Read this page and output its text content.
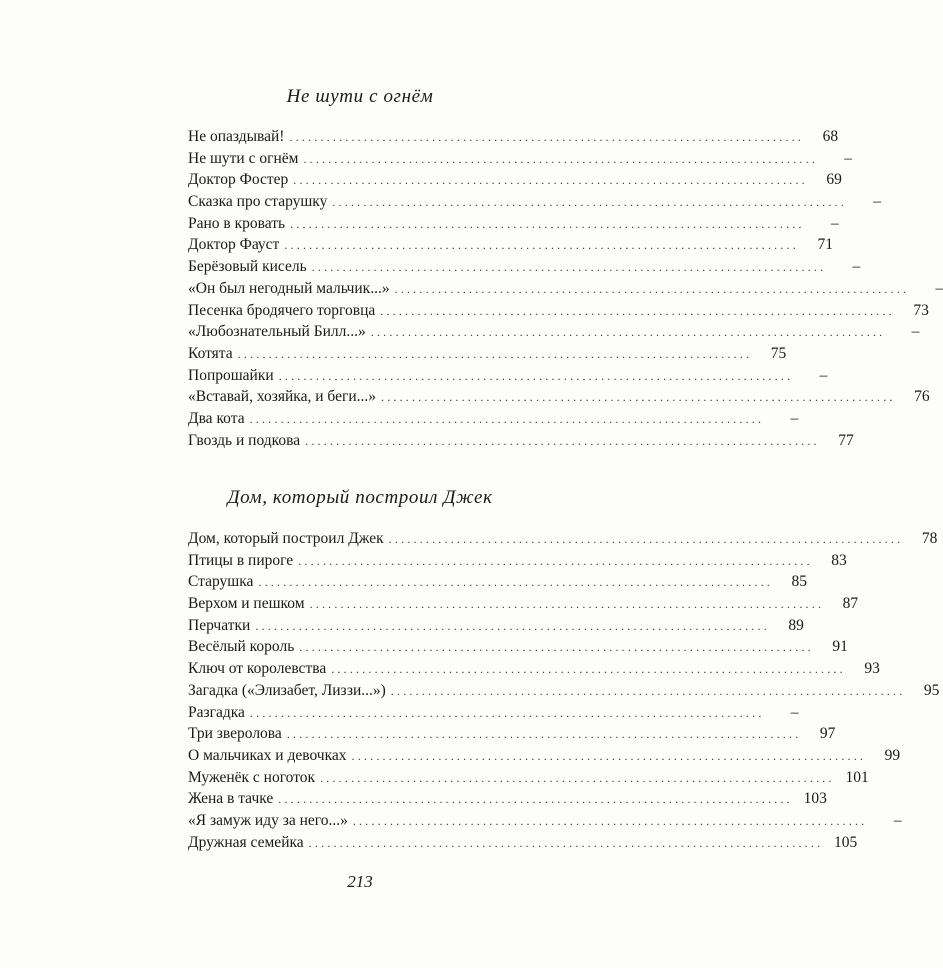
Не шути с огнём
Не опаздывай! ...................................................................................	68
Не шути с огнём ...................................................................................	–
Доктор Фостер ...................................................................................	69
Сказка про старушку ...................................................................................	–
Рано в кровать ...................................................................................	–
Доктор Фауст ...................................................................................	71
Берёзовый кисель ...................................................................................	–
«Он был негодный мальчик...» ...................................................................................	–
Песенка бродячего торговца ...................................................................................	73
«Любознательный Билл...» ...................................................................................	–
Котята ...................................................................................	75
Попрошайки ...................................................................................	–
«Вставай, хозяйка, и беги...» ...................................................................................	76
Два кота ...................................................................................	–
Гвоздь и подкова ...................................................................................	77
Дом, который построил Джек
Дом, который построил Джек ...................................................................................	78
Птицы в пироге ...................................................................................	83
Старушка ...................................................................................	85
Верхом и пешком ...................................................................................	87
Перчатки ...................................................................................	89
Весёлый король ...................................................................................	91
Ключ от королевства ...................................................................................	93
Загадка («Элизабет, Лиззи...») ...................................................................................	95
Разгадка ...................................................................................	–
Три зверолова ...................................................................................	97
О мальчиках и девочках ...................................................................................	99
Муженёк с ноготок ................................................................................... 101
Жена в тачке ................................................................................... 103
«Я замуж иду за него...» ...................................................................................	–
Дружная семейка ................................................................................... 105
213
